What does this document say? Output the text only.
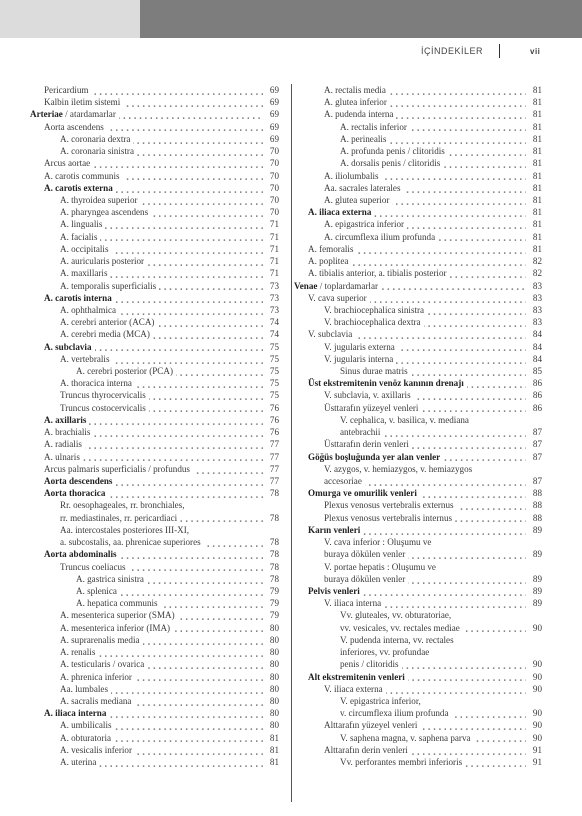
İÇİNDEKİLER	vii
Pericardium	69
Kalbin iletim sistemi	69
Arteriae / atardamarlar	69
Aorta ascendens	69
A. coronaria dextra	69
A. coronaria sinistra	70
Arcus aortae	70
A. carotis communis	70
A. carotis externa	70
A. thyroidea superior	70
A. pharyngea ascendens	70
A. lingualis	71
A. facialis	71
A. occipitalis	71
A. auricularis posterior	71
A. maxillaris	71
A. temporalis superficialis	73
A. carotis interna	73
A. ophthalmica	73
A. cerebri anterior (ACA)	74
A. cerebri media (MCA)	74
A. subclavia	75
A. vertebralis	75
A. cerebri posterior (PCA)	75
A. thoracica interna	75
Truncus thyrocervicalis	75
Truncus costocervicalis	76
A. axillaris	76
A. brachialis	76
A. radialis	77
A. ulnaris	77
Arcus palmaris superficialis / profundus	77
Aorta descendens	77
Aorta thoracica	78
Rr. oesophageales, rr. bronchiales,
rr. mediastinales, rr. pericardiaci	78
Aa. intercostales posteriores III-XI,
a. subcostalis, aa. phrenicae superiores	78
Aorta abdominalis	78
Truncus coeliacus	78
A. gastrica sinistra	78
A. splenica	79
A. hepatica communis	79
A. mesenterica superior (SMA)	79
A. mesenterica inferior (IMA)	80
A. suprarenalis media	80
A. renalis	80
A. testicularis / ovarica	80
A. phrenica inferior	80
Aa. lumbales	80
A. sacralis mediana	80
A. iliaca interna	80
A. umbilicalis	80
A. obturatoria	81
A. vesicalis inferior	81
A. uterina	81
A. rectalis media	81
A. glutea inferior	81
A. pudenda interna	81
A. rectalis inferior	81
A. perinealis	81
A. profunda penis / clitoridis	81
A. dorsalis penis / clitoridis	81
A. iliolumbalis	81
Aa. sacrales laterales	81
A. glutea superior	81
A. iliaca externa	81
A. epigastrica inferior	81
A. circumflexa ilium profunda	81
A. femoralis	81
A. poplitea	82
A. tibialis anterior, a. tibialis posterior	82
Venae / toplardamarlar	83
V. cava superior	83
V. brachiocephalica sinistra	83
V. brachiocephalica dextra	83
V. subclavia	84
V. jugularis externa	84
V. jugularis interna	84
Sinus durae matris	85
Üst ekstremitenin venöz kanının drenajı	86
V. subclavia, v. axillaris	86
Üsttarafın yüzeyel venleri	86
V. cephalica, v. basilica, v. mediana
antebrachii	87
Üsttarafın derin venleri	87
Göğüs boşluğunda yer alan venler	87
V. azygos, v. hemiazygos, v. hemiazygos
accesoriae	87
Omurga ve omurilik venleri	88
Plexus venosus vertebralis externus	88
Plexus venosus vertebralis internus	88
Karın venleri	89
V. cava inferior : Oluşumu ve
buraya dökülen venler	89
V. portae hepatis : Oluşumu ve
buraya dökülen venler	89
Pelvis venleri	89
V. iliaca interna	89
Vv. gluteales, vv. obturatoriae,
vv. vesicales, vv. rectales mediae	90
V. pudenda interna, vv. rectales
inferiores, vv. profundae
penis / clitoridis	90
Alt ekstremitenin venleri	90
V. iliaca externa	90
V. epigastrica inferior,
v. circumflexa ilium profunda	90
Alttarafın yüzeyel venleri	90
V. saphena magna, v. saphena parva	90
Alttarafın derin venleri	91
Vv. perforantes membri inferioris	91
